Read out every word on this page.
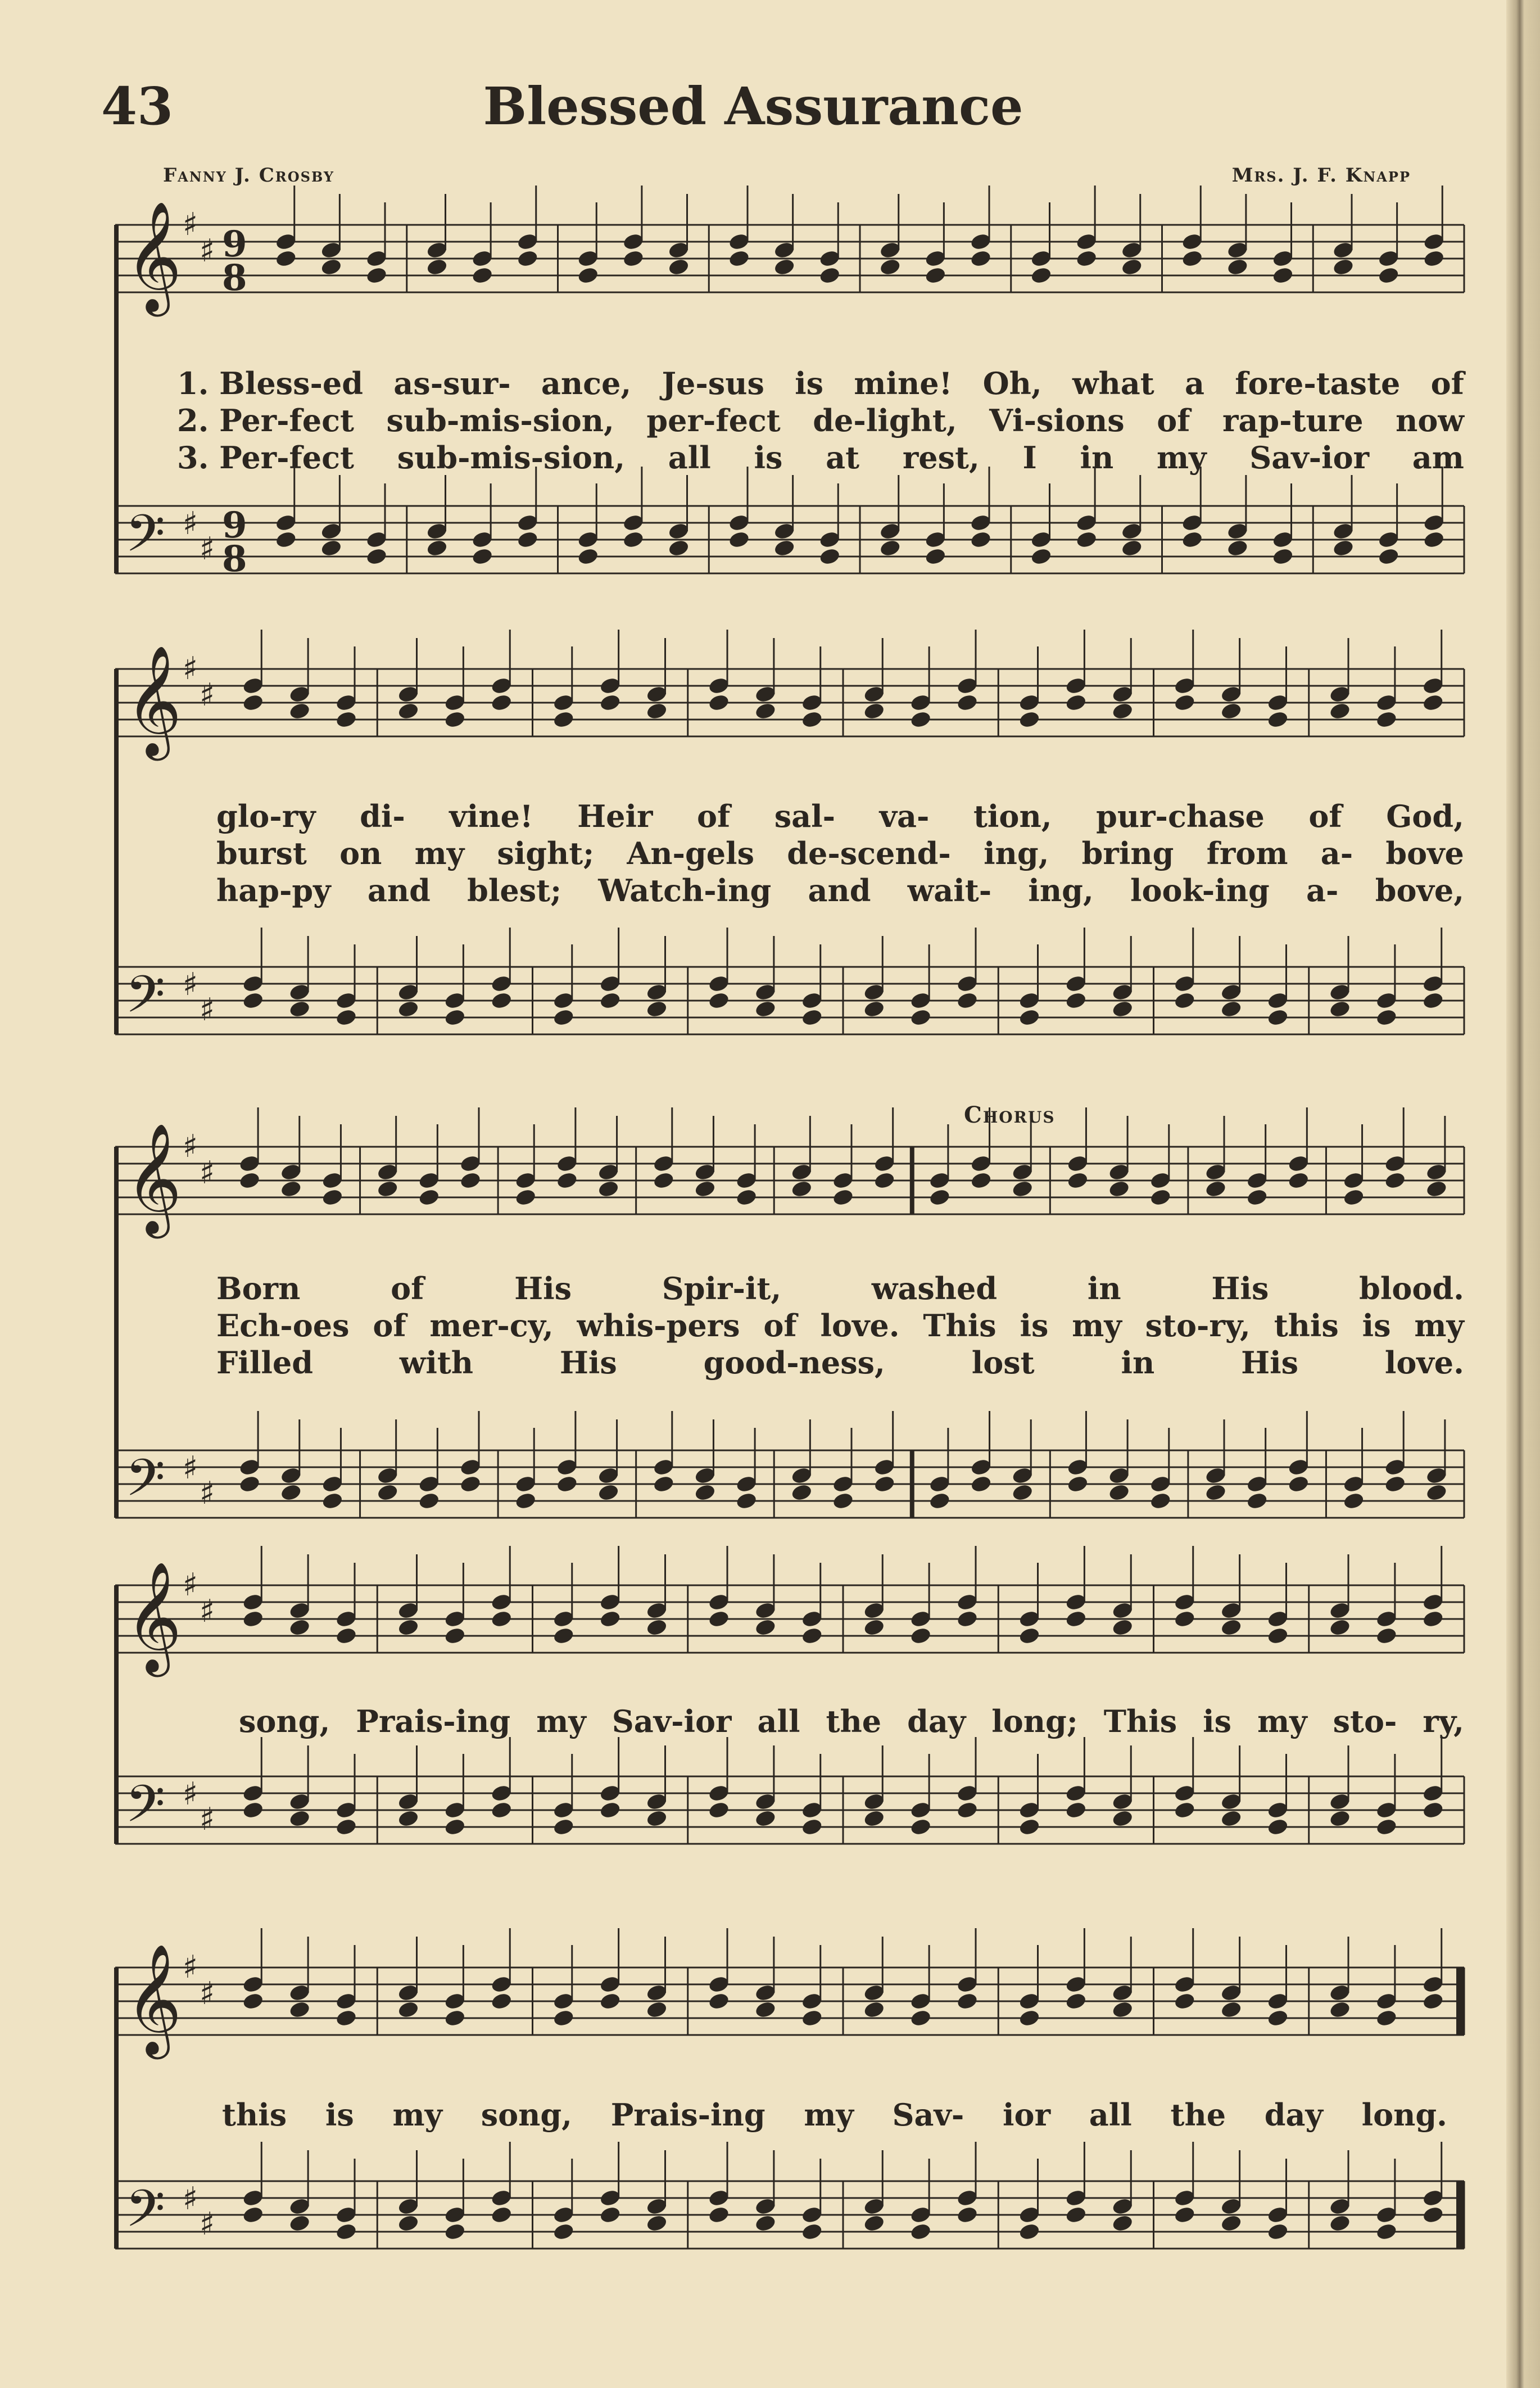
43	Blessed Assurance
Fanny J. Crosby	Mrs. J. F. Knapp
𝄞 ♯
♯
𝄢 ♯
♯
9
9
8
8
1. Bless-ed as-sur- ance, Je-sus is mine! Oh, what a fore-taste of
2. Per-fect sub-mis-sion, per-fect de-light, Vi-sions of rap-ture now
3. Per-fect sub-mis-sion, all is at rest, I in my Sav-ior am
𝄞 ♯
♯
𝄢 ♯
♯
glo-ry di- vine! Heir of sal- va- tion, pur-chase of God,
burst on my sight; An-gels de-scend- ing, bring from a- bove
hap-py and blest; Watch-ing and wait- ing, look-ing a- bove,
Chorus
𝄞 ♯
♯
𝄢 ♯
♯
Born	of	His	Spir-it,	washed	in	His	blood.
Ech-oes of mer-cy, whis-pers of love. This is my sto-ry, this is my
Filled	with	His	good-ness,	lost	in	His	love.
𝄞 ♯
♯
𝄢 ♯
♯
song, Prais-ing my Sav-ior all the day long; This is my sto- ry,
𝄞 ♯
♯
𝄢 ♯
♯
this is my song, Prais-ing my Sav- ior all the day long.
